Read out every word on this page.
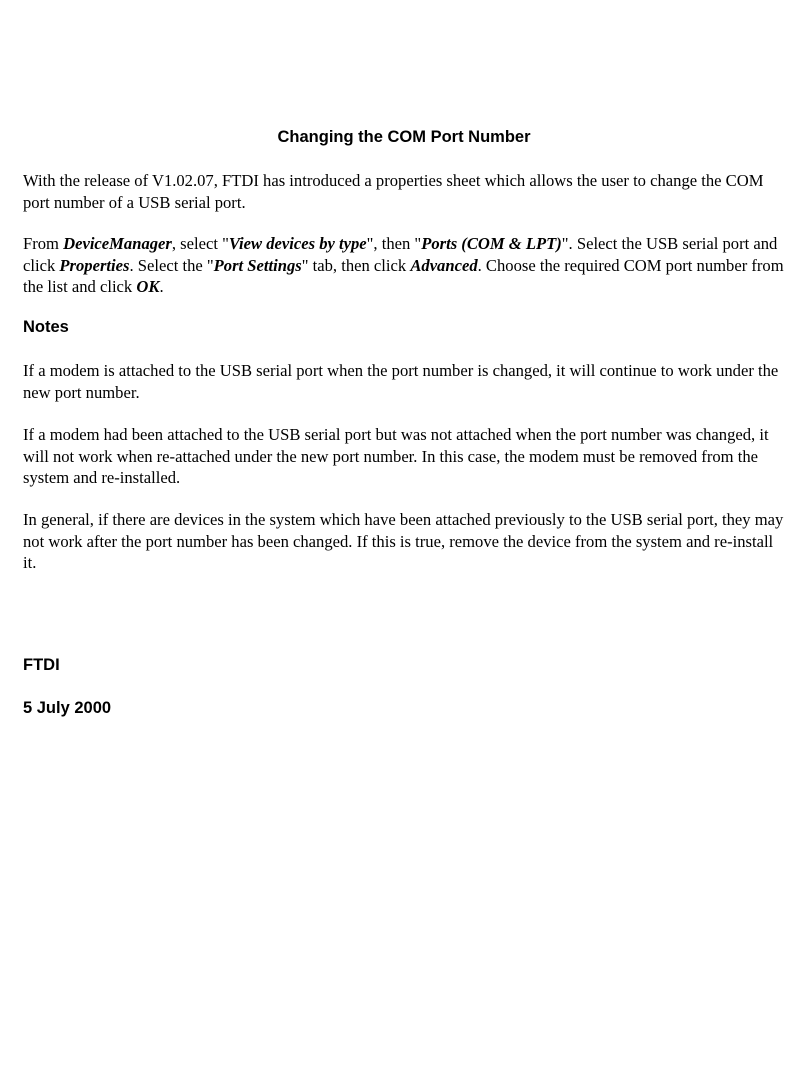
Changing the COM Port Number

With the release of V1.02.07, FTDI has introduced a properties sheet which allows the user to change the COM port number of a USB serial port.

From DeviceManager, select "View devices by type", then "Ports (COM & LPT)". Select the USB serial port and click Properties. Select the "Port Settings" tab, then click Advanced. Choose the required COM port number from the list and click OK.

Notes

If a modem is attached to the USB serial port when the port number is changed, it will continue to work under the new port number.

If a modem had been attached to the USB serial port but was not attached when the port number was changed, it will not work when re-attached under the new port number. In this case, the modem must be removed from the system and re-installed.

In general, if there are devices in the system which have been attached previously to the USB serial port, they may not work after the port number has been changed. If this is true, remove the device from the system and re-install it.

FTDI
5 July 2000
